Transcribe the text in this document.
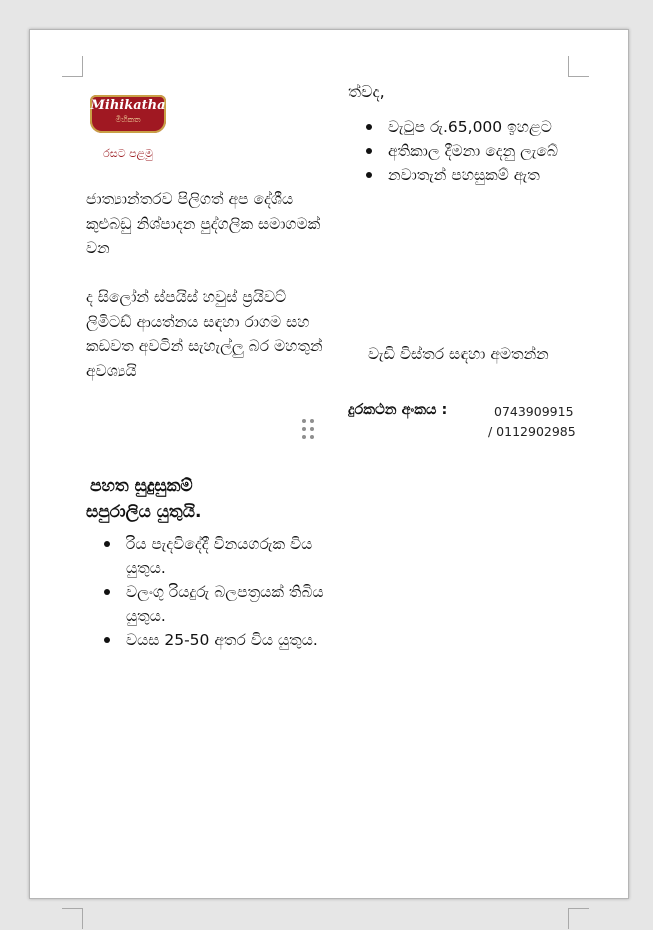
Mihikatha
මිහිකත
රසට පළමු

ජාත්‍යාන්තරව පිලිගත් අප දේශීය කුළුබඩු නිශ්පාදන පුද්ගලික සමාගමක් වන

ද සිලෝන් ස්පයිස් හවුස් ප්‍රයිවට් ලිමිටඩ් ආයත්නය සඳහා රාගම සහ කඩවත අවටින් සැහැල්ලු බර මහතුන් අවශ්‍යයි

පහත සුදුසුකම්
සපුරාලිය යුතුයි.
රිය පැදවිදේදී විනයගරුක විය යුතුය.
වලංගු රියදුරු බලපත්‍රයක් තිබිය යුතුය.
වයස 25-50 අතර විය යුතුය.

ත්වද,

වැටුප රු.65,000 ඉහළට
අතිකාල දීමනා දෙනු ලැබේ
නවාතැන් පහසුකම් ඇත

වැඩි විස්තර සඳහා අමතන්න

දුරකථන අංකය :	0743909915

/ 0112902985
